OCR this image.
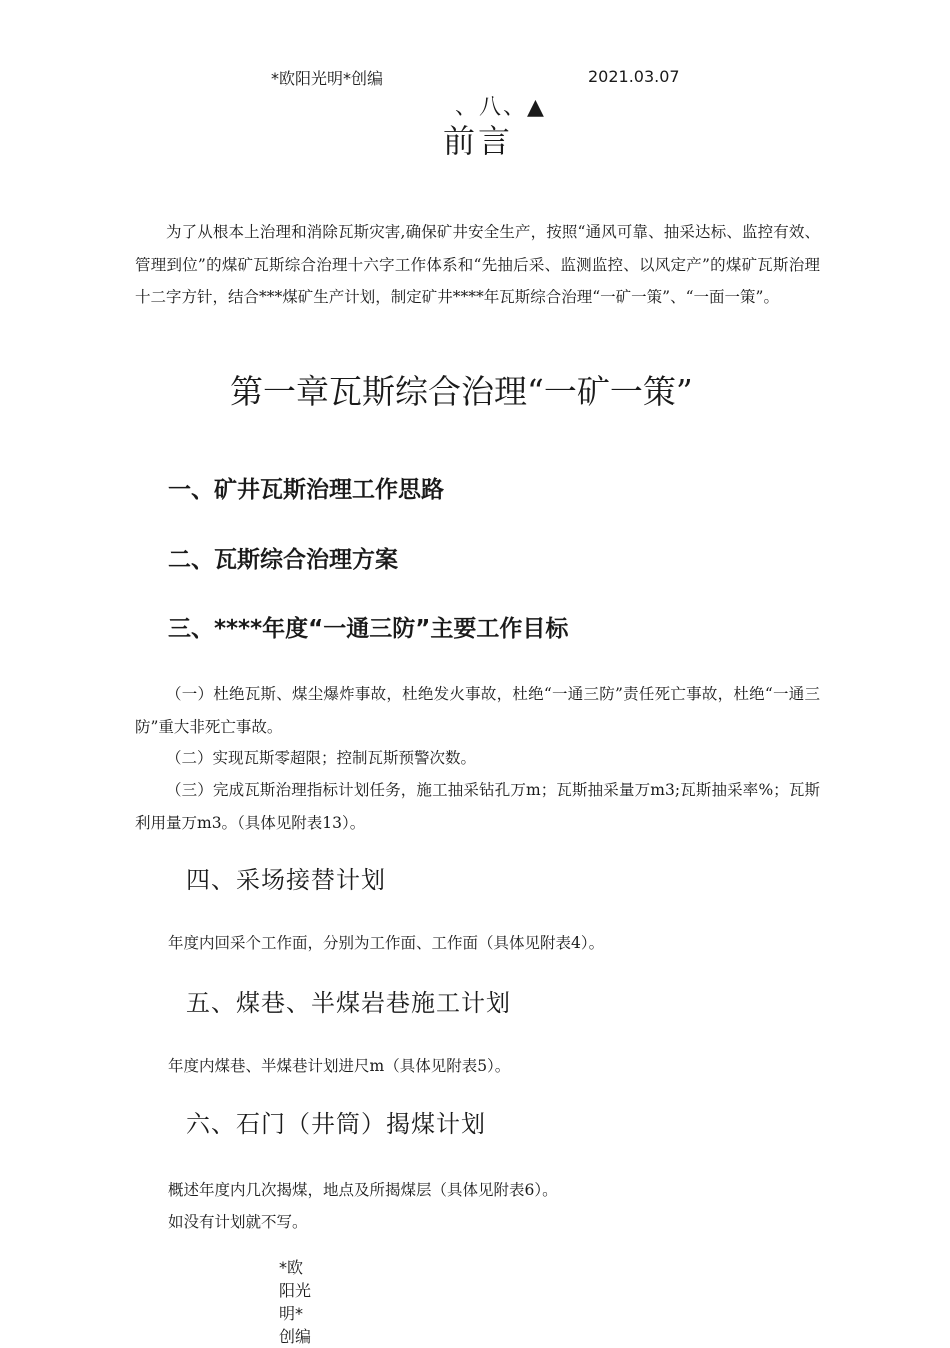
*欧阳光明*创编	2021.03.07
、八、▲
前言

为了从根本上治理和消除瓦斯灾害,确保矿井安全生产，按照“通风可靠、抽采达标、监控有效、管理到位”的煤矿瓦斯综合治理十六字工作体系和“先抽后采、监测监控、以风定产”的煤矿瓦斯治理十二字方针，结合***煤矿生产计划，制定矿井****年瓦斯综合治理“一矿一策”、“一面一策”。

第一章瓦斯综合治理“一矿一策”
一、矿井瓦斯治理工作思路
二、瓦斯综合治理方案
三、****年度“一通三防”主要工作目标

（一）杜绝瓦斯、煤尘爆炸事故，杜绝发火事故，杜绝“一通三防”责任死亡事故，杜绝“一通三防”重大非死亡事故。

（二）实现瓦斯零超限；控制瓦斯预警次数。

（三）完成瓦斯治理指标计划任务，施工抽采钻孔万m；瓦斯抽采量万m3;瓦斯抽采率%；瓦斯利用量万m3。（具体见附表13）。

四、采场接替计划

年度内回采个工作面，分别为工作面、工作面（具体见附表4）。

五、煤巷、半煤岩巷施工计划

年度内煤巷、半煤巷计划进尺m（具体见附表5）。

六、石门（井筒）揭煤计划

概述年度内几次揭煤，地点及所揭煤层（具体见附表6）。

如没有计划就不写。

*欧
阳光
明*
创编
